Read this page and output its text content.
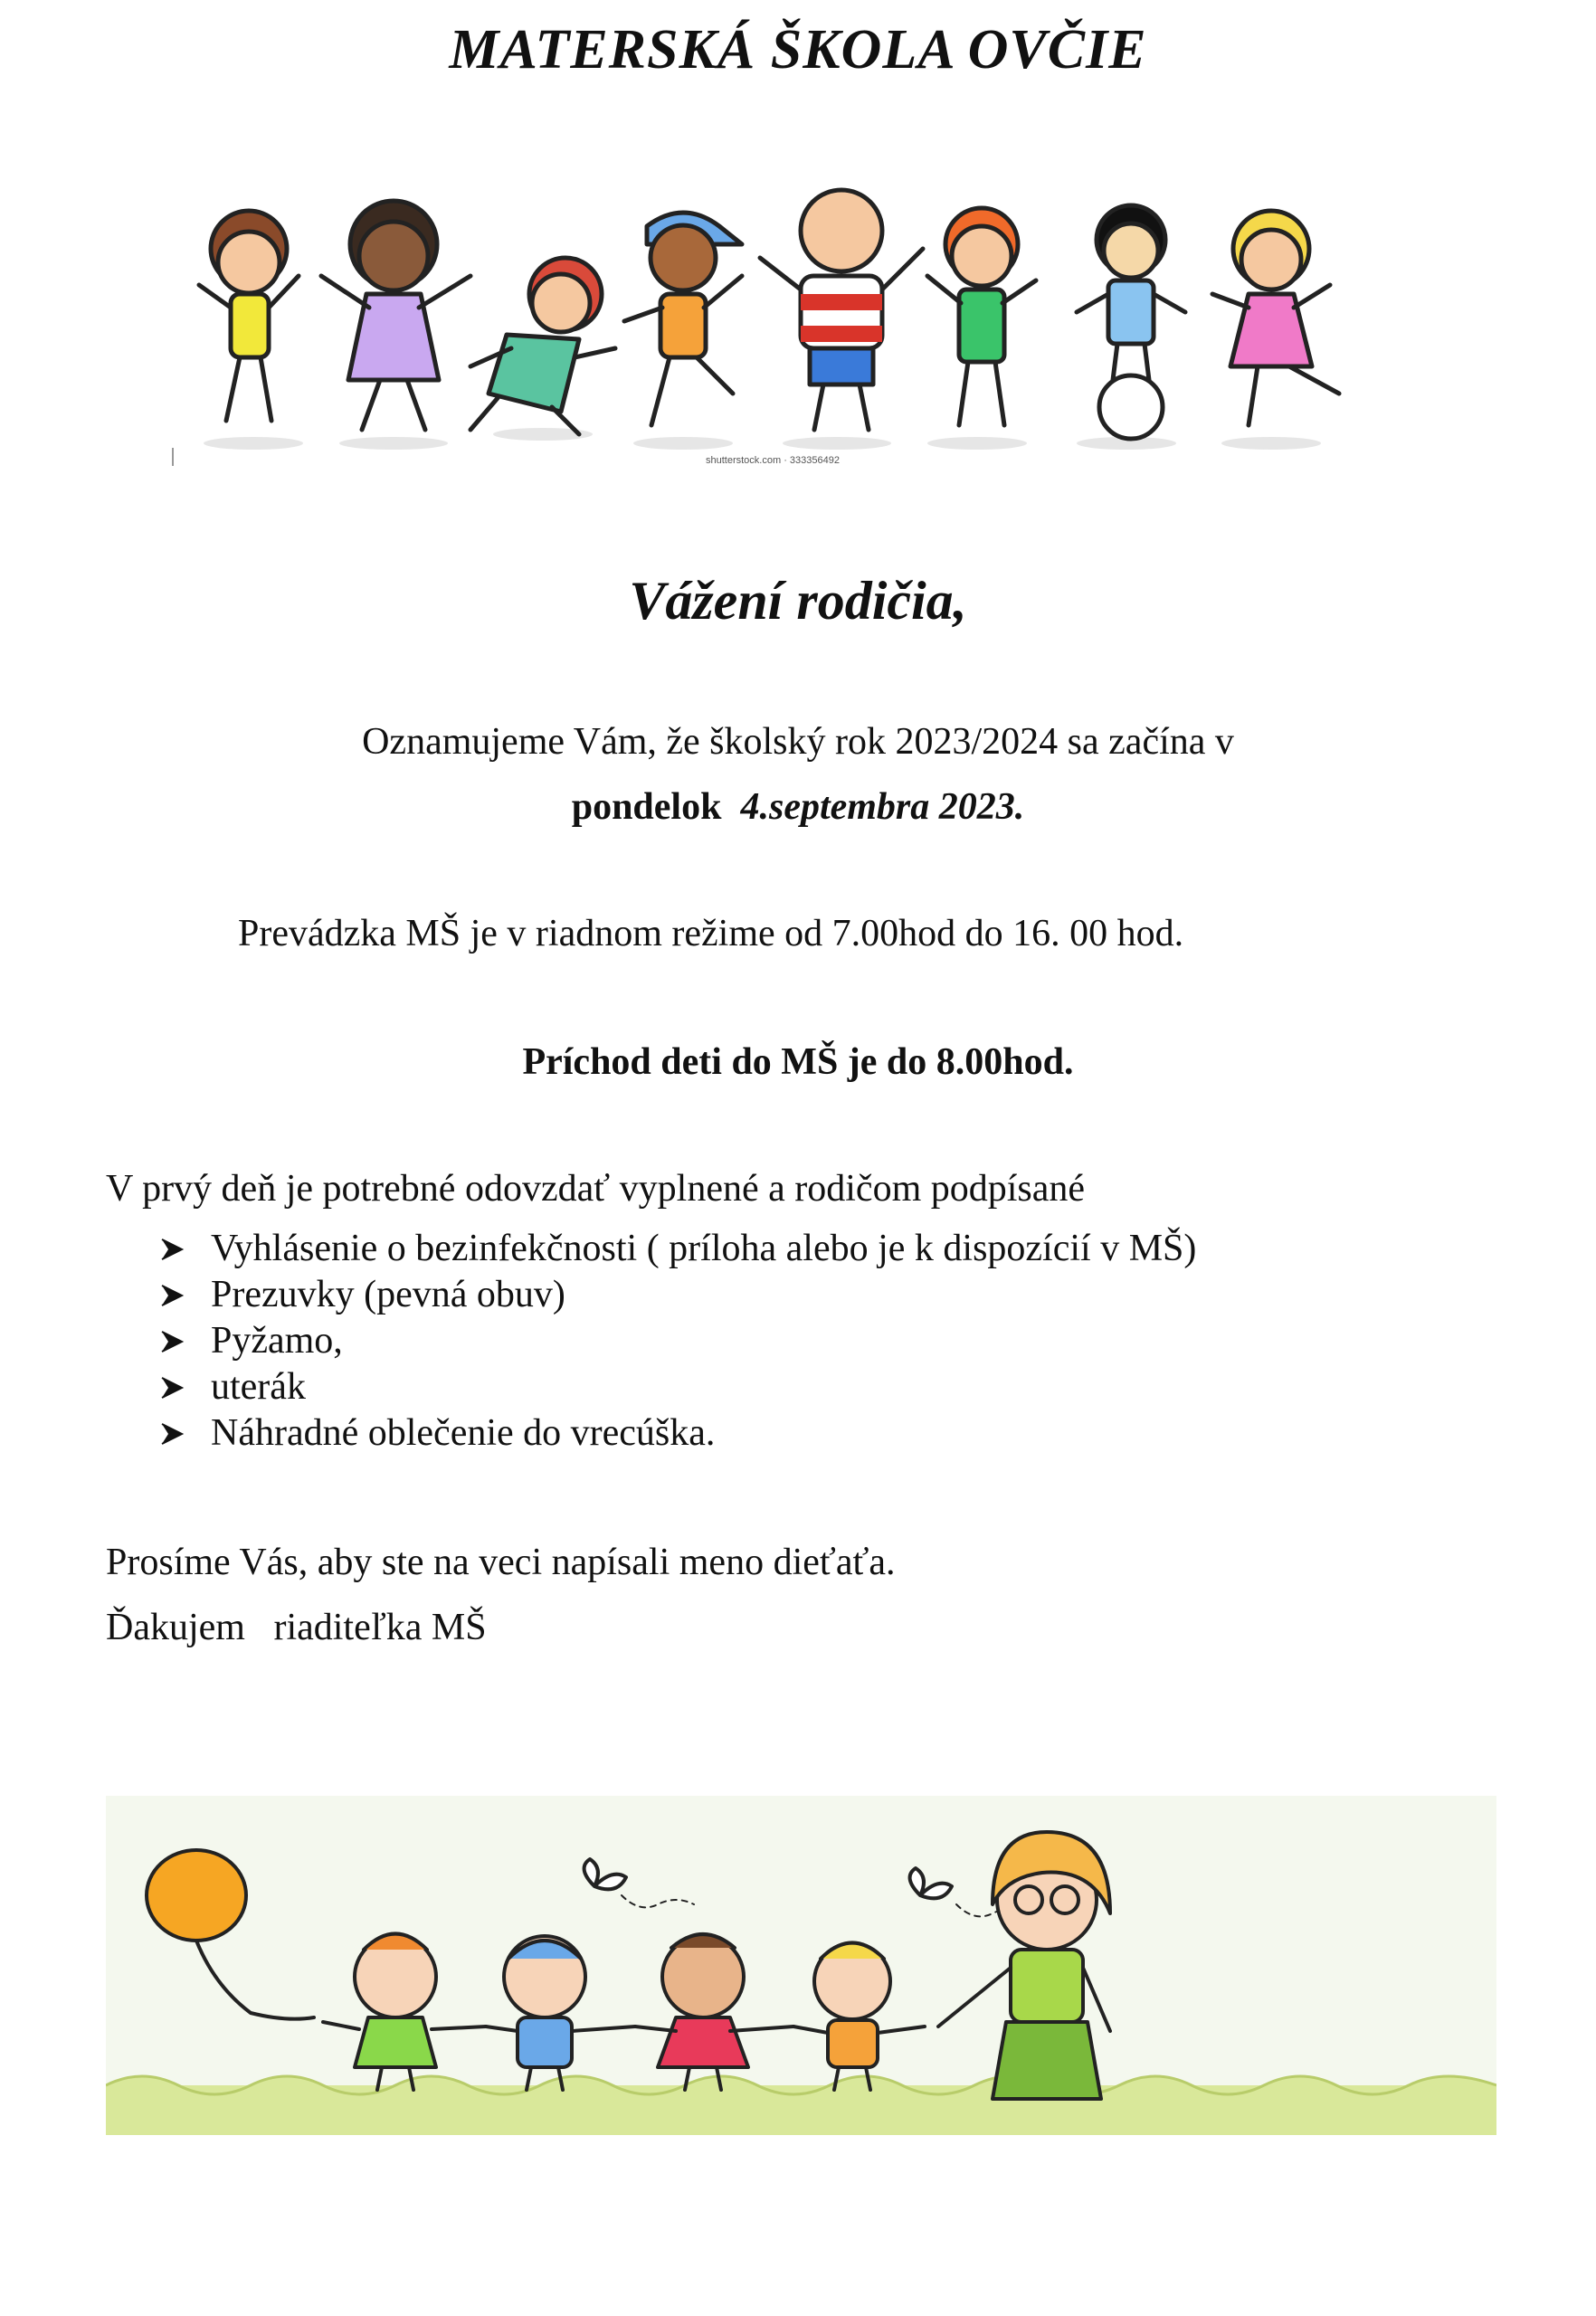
MATERSKÁ ŠKOLA OVČIE
shutterstock.com · 333356492
Vážení rodičia,
Oznamujeme Vám, že školský rok 2023/2024 sa začína v
pondelok 4.septembra 2023.
Prevádzka MŠ je v riadnom režime od 7.00hod do 16. 00 hod.
Príchod deti do MŠ je do 8.00hod.
V prvý deň je potrebné odovzdať vyplnené a rodičom podpísané
Vyhlásenie o bezinfekčnosti ( príloha alebo je k dispozícií v MŠ)
Prezuvky (pevná obuv)
Pyžamo,
uterák
Náhradné oblečenie do vrecúška.
Prosíme Vás, aby ste na veci napísali meno dieťaťa.
Ďakujem riaditeľka MŠ
